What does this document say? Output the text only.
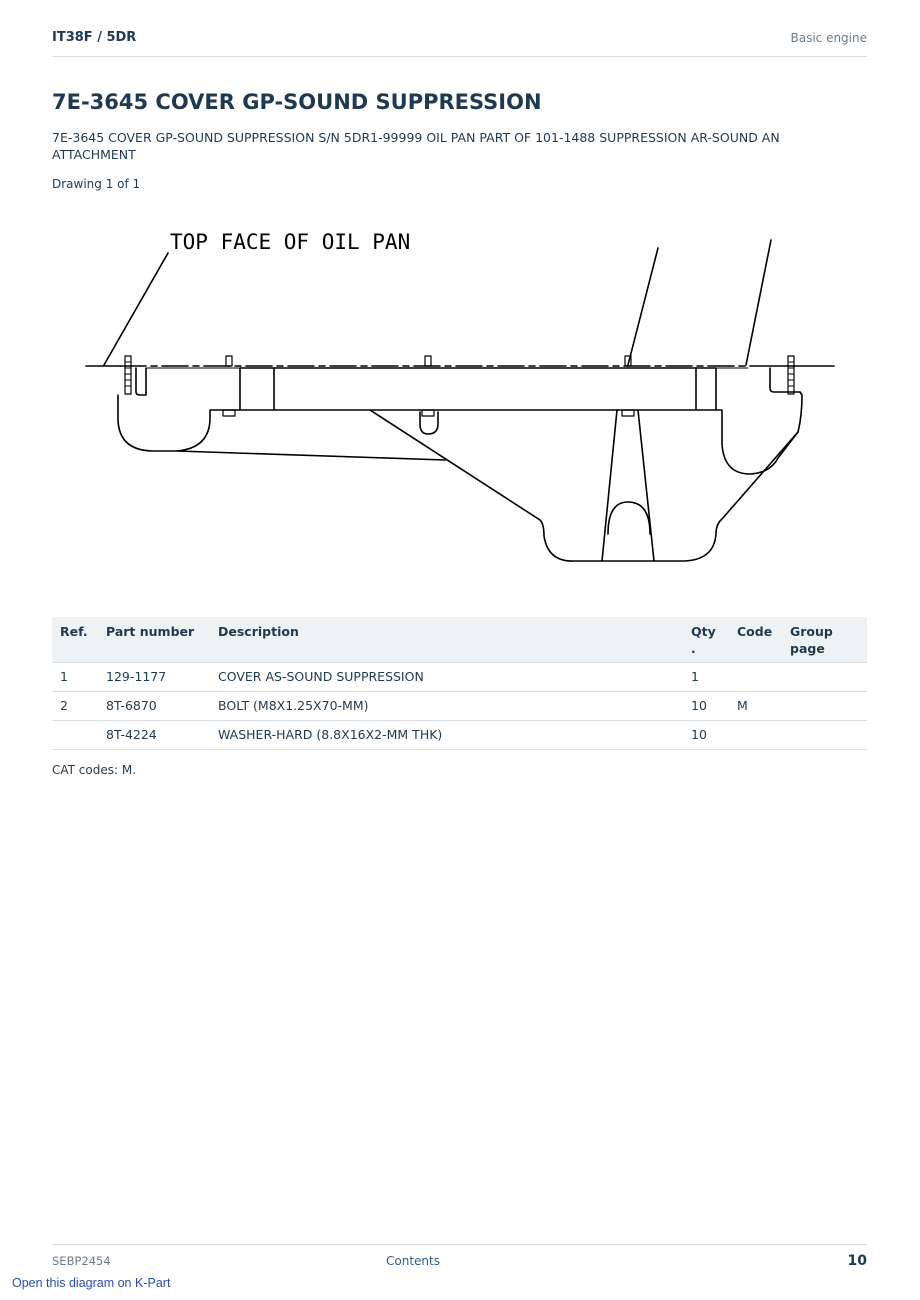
IT38F / 5DR	Basic engine
7E-3645 COVER GP-SOUND SUPPRESSION
7E-3645 COVER GP-SOUND SUPPRESSION S/N 5DR1-99999 OIL PAN PART OF 101-1488 SUPPRESSION AR-SOUND AN ATTACHMENT
Drawing 1 of 1
TOP FACE OF OIL PAN
Ref.	Part number	Description	Qty .	Code	Group page
1	129-1177	COVER AS-SOUND SUPPRESSION	1		
2	8T-6870	BOLT (M8X1.25X70-MM)	10	M	
	8T-4224	WASHER-HARD (8.8X16X2-MM THK)	10		
CAT codes: M.
SEBP2454	Contents	10
Open this diagram on K-Part
